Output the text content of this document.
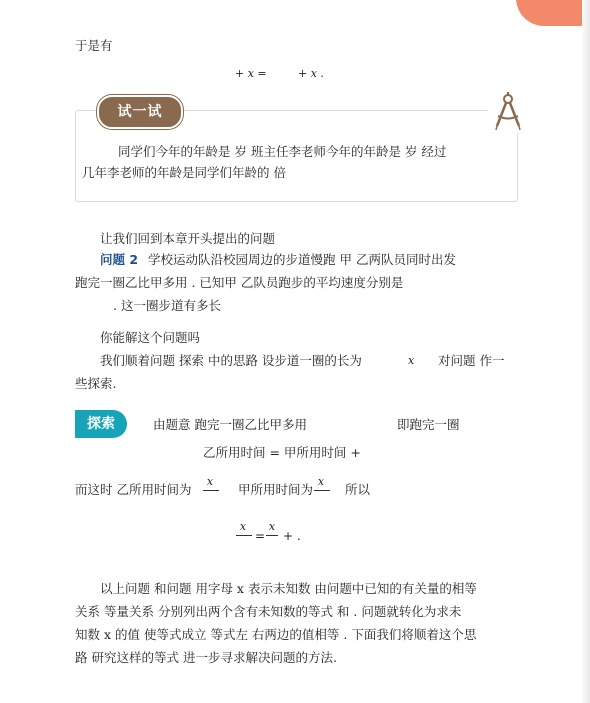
于是有
+ x =	+ x .
试一试
同学们今年的年龄是 岁 班主任李老师今年的年龄是 岁 经过
几年李老师的年龄是同学们年龄的 倍
让我们回到本章开头提出的问题
问题 2 学校运动队沿校园周边的步道慢跑 甲 乙两队员同时出发
跑完一圈乙比甲多用 . 已知甲 乙队员跑步的平均速度分别是
. 这一圈步道有多长
你能解这个问题吗
我们顺着问题 探索 中的思路 设步道一圈的长为	x 对问题 作一
些探索.
探索	由题意 跑完一圈乙比甲多用	即跑完一圈
乙所用时间 = 甲所用时间 +
而这时 乙所用时间为
x
甲所用时间为
x
所以
x
=
x
+ .
以上问题 和问题 用字母 x 表示未知数 由问题中已知的有关量的相等
关系 等量关系 分别列出两个含有未知数的等式 和 . 问题就转化为求未
知数 x 的值 使等式成立 等式左 右两边的值相等 . 下面我们将顺着这个思
路 研究这样的等式 进一步寻求解决问题的方法.
